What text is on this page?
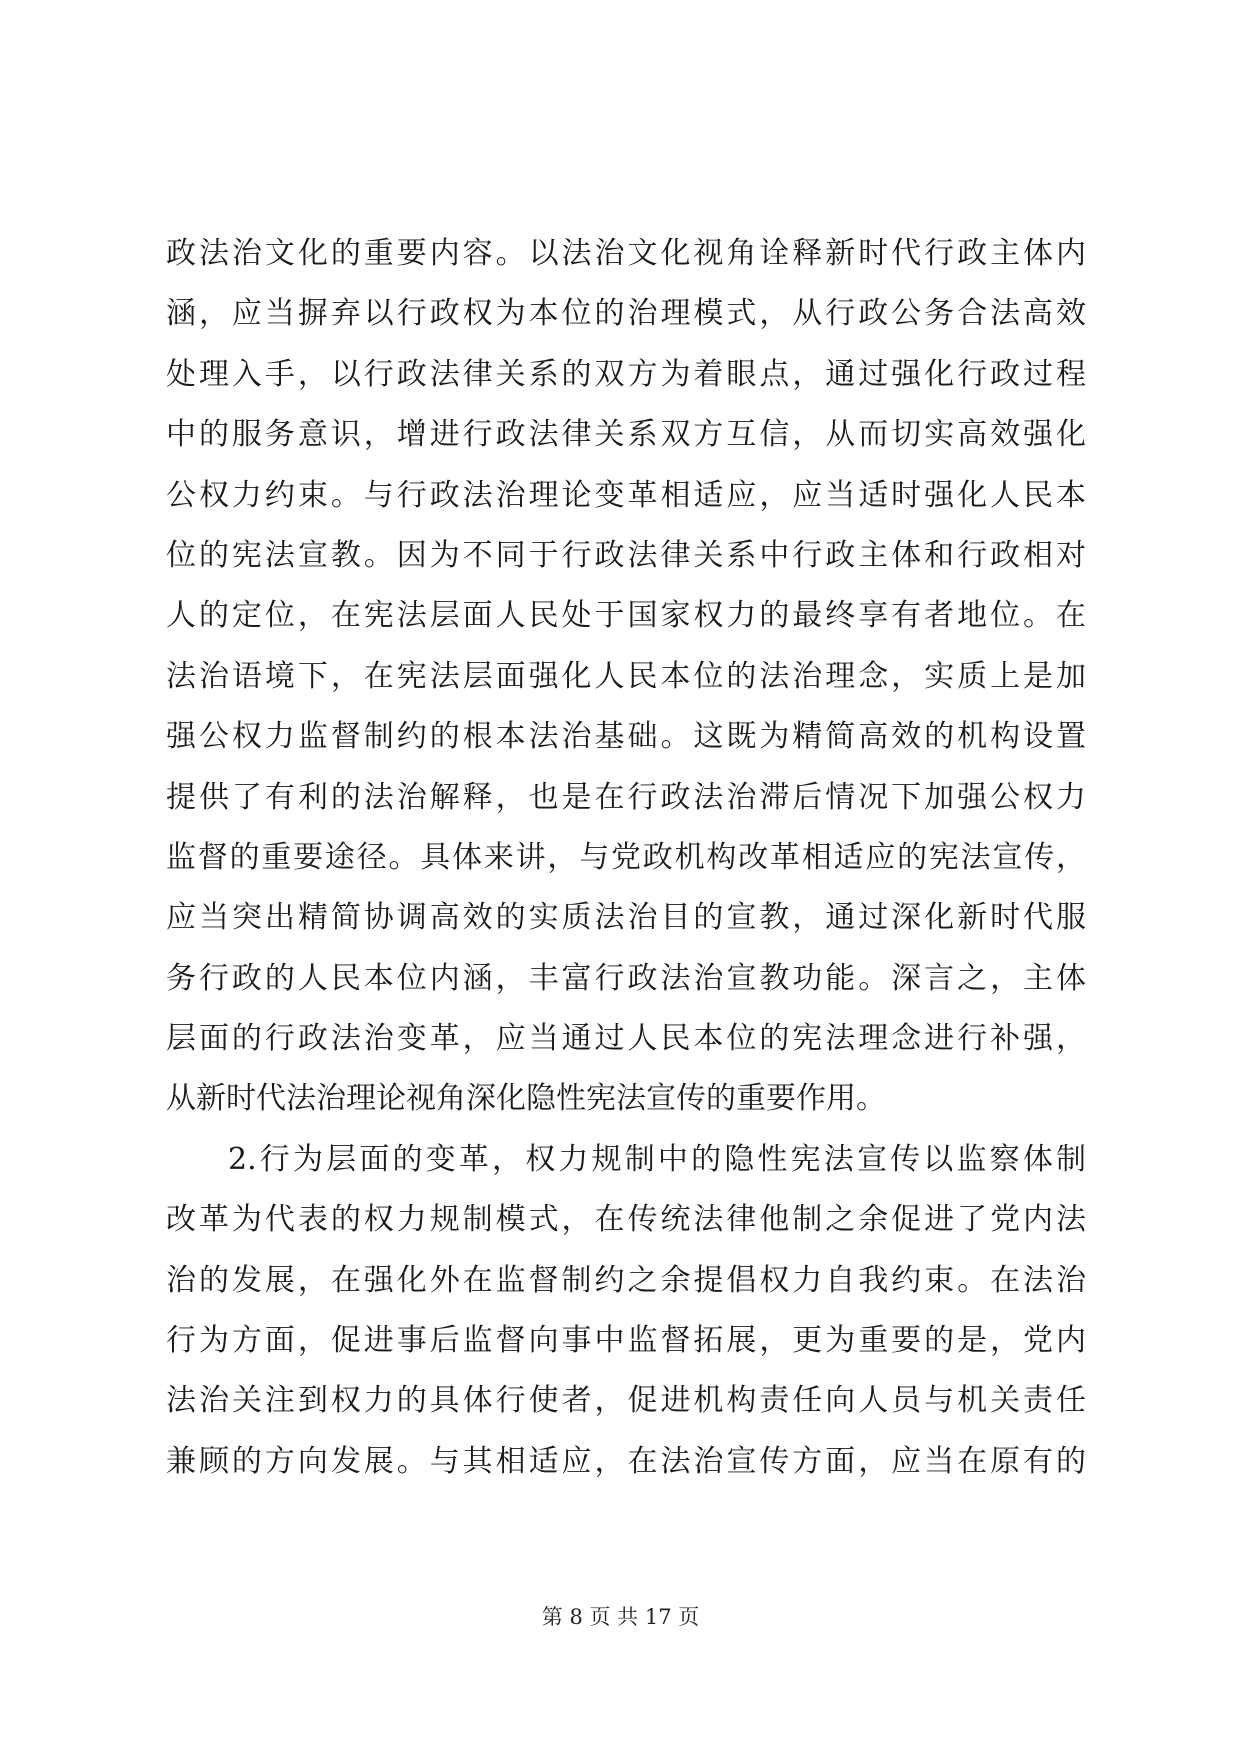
政法治文化的重要内容。以法治文化视角诠释新时代行政主体内
涵，应当摒弃以行政权为本位的治理模式，从行政公务合法高效
处理入手，以行政法律关系的双方为着眼点，通过强化行政过程
中的服务意识，增进行政法律关系双方互信，从而切实高效强化
公权力约束。与行政法治理论变革相适应，应当适时强化人民本
位的宪法宣教。因为不同于行政法律关系中行政主体和行政相对
人的定位，在宪法层面人民处于国家权力的最终享有者地位。在
法治语境下，在宪法层面强化人民本位的法治理念，实质上是加
强公权力监督制约的根本法治基础。这既为精简高效的机构设置
提供了有利的法治解释，也是在行政法治滞后情况下加强公权力
监督的重要途径。具体来讲，与党政机构改革相适应的宪法宣传，
应当突出精简协调高效的实质法治目的宣教，通过深化新时代服
务行政的人民本位内涵，丰富行政法治宣教功能。深言之，主体
层面的行政法治变革，应当通过人民本位的宪法理念进行补强，
从新时代法治理论视角深化隐性宪法宣传的重要作用。
2.行为层面的变革，权力规制中的隐性宪法宣传以监察体制
改革为代表的权力规制模式，在传统法律他制之余促进了党内法
治的发展，在强化外在监督制约之余提倡权力自我约束。在法治
行为方面，促进事后监督向事中监督拓展，更为重要的是，党内
法治关注到权力的具体行使者，促进机构责任向人员与机关责任
兼顾的方向发展。与其相适应，在法治宣传方面，应当在原有的
第 8 页 共 17 页
